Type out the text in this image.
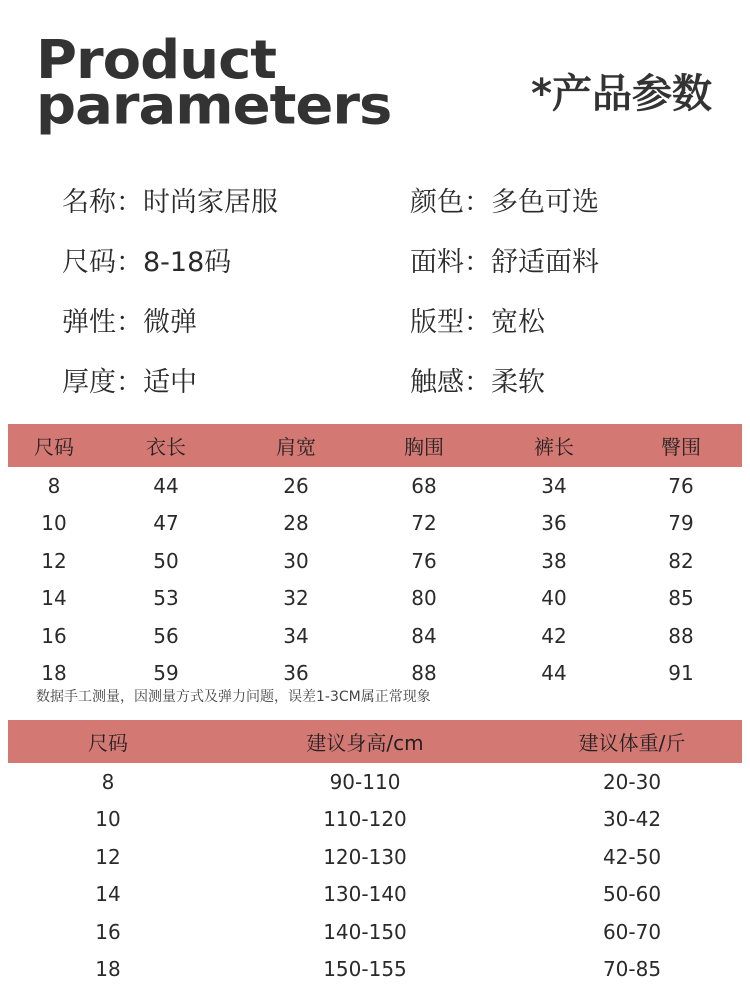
Product
parameters	*产品参数
名称：时尚家居服	颜色：多色可选
尺码：8-18码	面料：舒适面料
弹性：微弹	版型：宽松
厚度：适中	触感：柔软
尺码	衣长	肩宽	胸围	裤长	臀围
8	44	26	68	34	76
10	47	28	72	36	79
12	50	30	76	38	82
14	53	32	80	40	85
16	56	34	84	42	88
18	59	36	88	44	91
数据手工测量，因测量方式及弹力问题，误差1-3CM属正常现象
尺码	建议身高/cm	建议体重/斤
8	90-110	20-30
10	110-120	30-42
12	120-130	42-50
14	130-140	50-60
16	140-150	60-70
18	150-155	70-85
